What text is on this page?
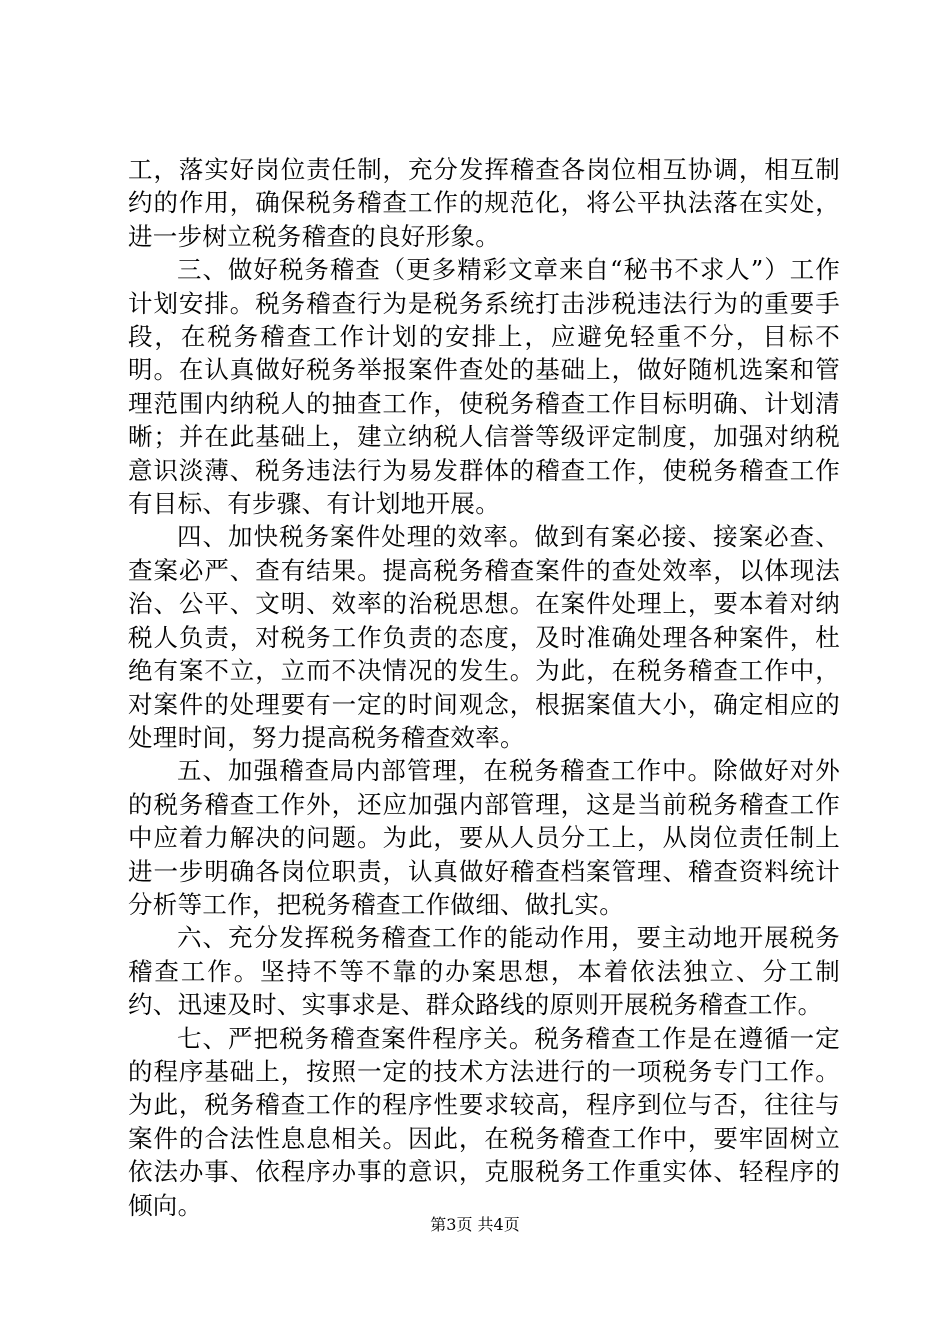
工，落实好岗位责任制，充分发挥稽查各岗位相互协调，相互制约的作用，确保税务稽查工作的规范化，将公平执法落在实处，进一步树立税务稽查的良好形象。

三、做好税务稽查（更多精彩文章来自“秘书不求人”）工作计划安排。税务稽查行为是税务系统打击涉税违法行为的重要手段，在税务稽查工作计划的安排上，应避免轻重不分，目标不明。在认真做好税务举报案件查处的基础上，做好随机选案和管理范围内纳税人的抽查工作，使税务稽查工作目标明确、计划清晰；并在此基础上，建立纳税人信誉等级评定制度，加强对纳税意识淡薄、税务违法行为易发群体的稽查工作，使税务稽查工作有目标、有步骤、有计划地开展。

四、加快税务案件处理的效率。做到有案必接、接案必查、查案必严、查有结果。提高税务稽查案件的查处效率，以体现法治、公平、文明、效率的治税思想。在案件处理上，要本着对纳税人负责，对税务工作负责的态度，及时准确处理各种案件，杜绝有案不立，立而不决情况的发生。为此，在税务稽查工作中，对案件的处理要有一定的时间观念，根据案值大小，确定相应的处理时间，努力提高税务稽查效率。

五、加强稽查局内部管理，在税务稽查工作中。除做好对外的税务稽查工作外，还应加强内部管理，这是当前税务稽查工作中应着力解决的问题。为此，要从人员分工上，从岗位责任制上进一步明确各岗位职责，认真做好稽查档案管理、稽查资料统计分析等工作，把税务稽查工作做细、做扎实。

六、充分发挥税务稽查工作的能动作用，要主动地开展税务稽查工作。坚持不等不靠的办案思想，本着依法独立、分工制约、迅速及时、实事求是、群众路线的原则开展税务稽查工作。

七、严把税务稽查案件程序关。税务稽查工作是在遵循一定的程序基础上，按照一定的技术方法进行的一项税务专门工作。为此，税务稽查工作的程序性要求较高，程序到位与否，往往与案件的合法性息息相关。因此，在税务稽查工作中，要牢固树立依法办事、依程序办事的意识，克服税务工作重实体、轻程序的倾向。

第3页 共4页
